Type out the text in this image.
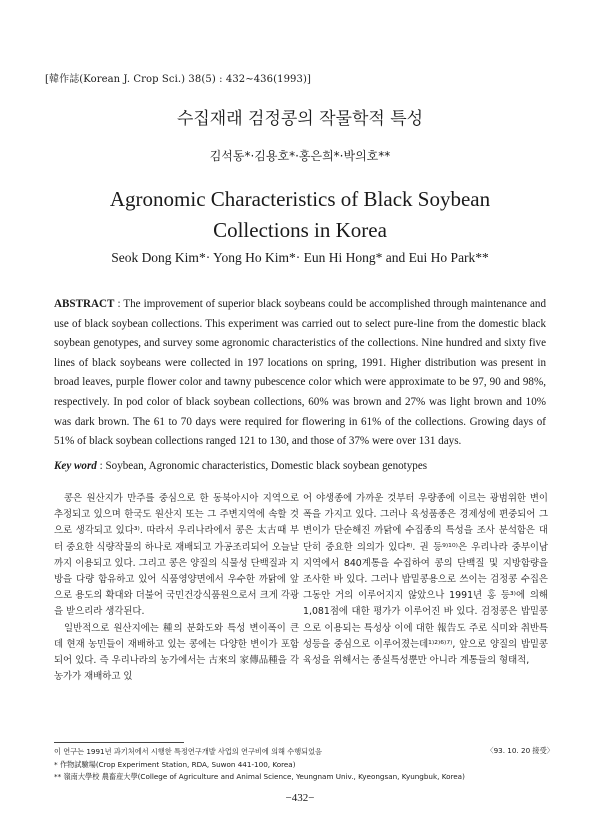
[韓作誌(Korean J. Crop Sci.) 38(5) : 432∼436(1993)]
수집재래 검정콩의 작물학적 특성
김석동*·김용호*·홍은희*·박의호**
Agronomic Characteristics of Black Soybean
Collections in Korea
Seok Dong Kim*· Yong Ho Kim*· Eun Hi Hong* and Eui Ho Park**
ABSTRACT : The improvement of superior black soybeans could be accomplished through maintenance and use of black soybean collections. This experiment was carried out to select pure-line from the domestic black soybean genotypes, and survey some agronomic characteristics of the collections. Nine hundred and sixty five lines of black soybeans were collected in 197 locations on spring, 1991. Higher distribution was present in broad leaves, purple flower color and tawny pubescence color which were approximate to be 97, 90 and 98%, respectively. In pod color of black soybean collections, 60% was brown and 27% was light brown and 10% was dark brown. The 61 to 70 days were required for flowering in 61% of the collections. Growing days of 51% of black soybean collections ranged 121 to 130, and those of 37% were over 131 days.
Key word : Soybean, Agronomic characteristics, Domestic black soybean genotypes

콩은 원산지가 만주를 중심으로 한 동북아시아 지역으로 추정되고 있으며 한국도 원산지 또는 그 주변지역에 속할 것으로 생각되고 있다³⁾. 따라서 우리나라에서 콩은 太古때 부터 중요한 식량작물의 하나로 재배되고 가공조리되어 오늘날까지 이용되고 있다. 그리고 콩은 양질의 식물성 단백질과 지방을 다량 함유하고 있어 식품영양면에서 우수한 까닭에 앞으로 용도의 확대와 더불어 국민건강식품원으로서 크게 각광을 받으리라 생각된다.

일반적으로 원산지에는 種의 분화도와 특성 변이폭이 큰데 현재 농민들이 재배하고 있는 콩에는 다양한 변이가 포함되어 있다. 즉 우리나라의 농가에서는 古來의 家傳品種을 각 농가가 재배하고 있

어 야생종에 가까운 것부터 우량종에 이르는 광범위한 변이폭을 가지고 있다. 그러나 육성품종은 경제성에 편중되어 그 변이가 단순해진 까닭에 수집종의 특성을 조사 분석함은 대단히 중요한 의의가 있다⁸⁾. 권 등⁹⁾¹⁰⁾은 우리나라 중부이남 지역에서 840계통을 수집하여 콩의 단백질 및 지방함량을 조사한 바 있다. 그러나 밥밑콩용으로 쓰이는 검정콩 수집은 그동안 거의 이루어지지 않았으나 1991년 홍 등³⁾에 의해 1,081점에 대한 평가가 이루어진 바 있다. 검정콩은 밥밑콩으로 이용되는 특성상 이에 대한 報告도 주로 식미와 취반특성등을 중심으로 이루어졌는데¹⁾²⁾⁶⁾⁷⁾, 앞으로 양질의 밥밑콩 육성을 위해서는 종실특성뿐만 아니라 계통들의 형태적,

이 연구는 1991년 과기처에서 시행한 특정연구개발 사업의 연구비에 의해 수행되었음
* 作物試驗場(Crop Experiment Station, RDA, Suwon 441-100, Korea)
** 嶺南大學校 農畜産大學(College of Agriculture and Animal Science, Yeungnam Univ., Kyeongsan, Kyungbuk, Korea)
〈93. 10. 20 接受〉
−432−
